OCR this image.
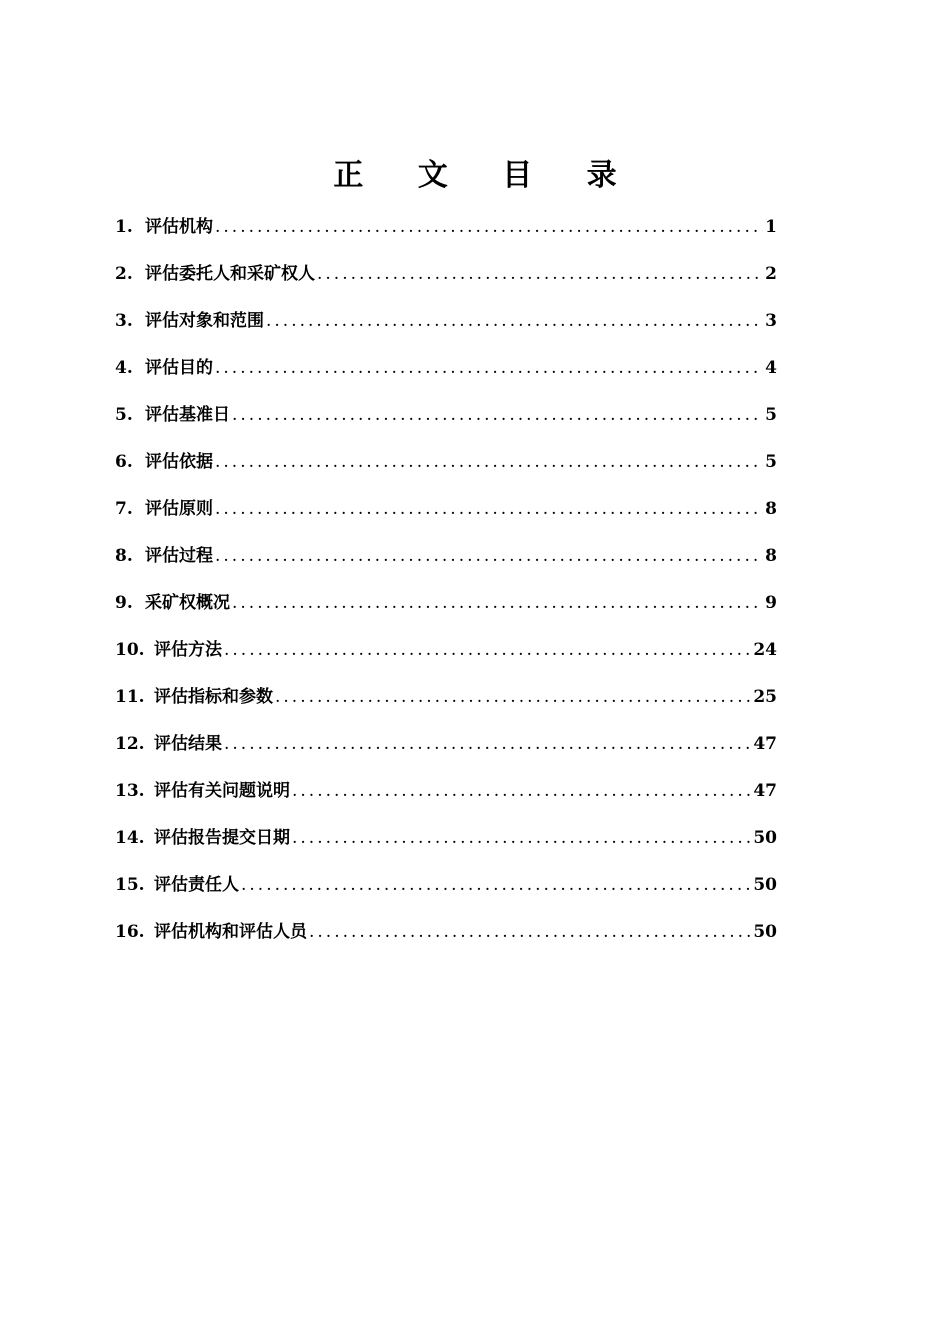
正 文 目 录
1. 评估机构 .....	1
2. 评估委托人和采矿权人 .....	2
3. 评估对象和范围 .....	3
4. 评估目的 .....	4
5. 评估基准日 .....	5
6. 评估依据 .....	5
7. 评估原则 .....	8
8. 评估过程 .....	8
9. 采矿权概况 .....	9
10. 评估方法 .....	24
11. 评估指标和参数 .....	25
12. 评估结果 .....	47
13. 评估有关问题说明 .....	47
14. 评估报告提交日期 .....	50
15. 评估责任人 .....	50
16. 评估机构和评估人员 .....	50
